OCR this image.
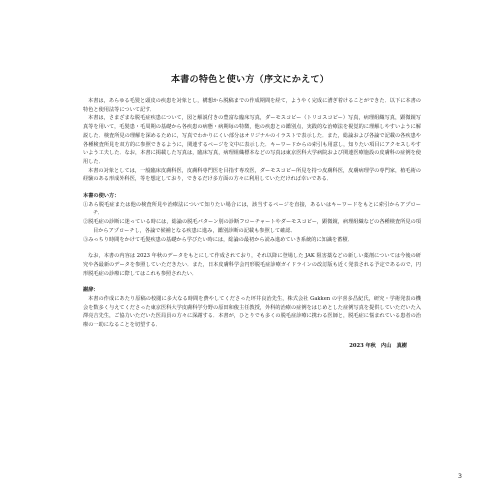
本書の特色と使い方（序文にかえて）

本書は，あらゆる毛髪と頭皮の疾患を対象とし，構想から脱稿までの作成期間を経て，ようやく完成に漕ぎ着けることができた．以下に本書の特色と使用法等について記す．

本書は，さまざまな脱毛症疾患について，図と解説付きの豊富な臨床写真，ダーモスコピー（トリコスコピー）写真，病理組織写真，顕微鏡写真等を用いて，毛髪患・毛周期の基礎から各疾患の病態・病期毎の特徴，他の疾患との鑑別点，実践的な治療法を視覚的に理解しやすいように解説した．検査所見の理解を深めるために，写真でわかりにくい部分はオリジナルのイラストで表示した．また，総論および各論で記載の各疾患や各種検査所見を双方的に参照できるように，関連するページを文中に表示した．キーワードからの索引も用意し，知りたい項目にアクセスしやすいよう工夫した．なお，本書に掲載した写真は，臨床写真，病理組織標本などの写真は東京医科大学病院および関連医療施設の皮膚科の症例を使用した．

本書の対象としては，一般臨床皮膚科医，皮膚科専門医を目指す専攻医，ダーモスコピー所見を持つ皮膚科医，皮膚病理学の専門家，植毛術の経験のある形成外科医，等を想定しており，できるだけ多方面の方々に利用していただければ幸いである．

本書の使い方：
①あら脱毛症または他の検査所見や治療法について知りたい場合には，該当するページを直接，あるいはキーワードをもとに索引からアプローチ．
②脱毛症の診断に迷っている時には，総論の脱毛パターン別の診断フローチャートやダーモスコピー，顕微鏡，病理組織などの各種検査所見の項目からアプローチし，各論で候補となる疾患に進み，鑑別診断の記載も参照して確認．
③みっちり時間をかけて毛髪疾患の基礎から学びたい時には，総論の最初から読み進めていき系統的に知識を蓄積．

なお，本書の内容は 2023 年秋のデータをもとにして作成されており，それ以降に登場した JAK 阻害薬などの新しい薬剤については今後の研究や各最新のデータを参照していただきたい．また，日本皮膚科学会円形脱毛症診療ガイドラインの改訂版も近く発表される予定であるので，円形脱毛症の診療に際してはこれも参照されたい．

謝辞：

本書の作成にあたり原稿の校閲に多大なる時間を費やしてくださった坪井良治先生，株式会社 Gakken の宇喜多昌紀氏，研究・学術発表の機会を数多く与えてくださった東京医科大学皮膚科学分野の原田和俊主任教授，外科的治療の症例をはじめとした症例写真を提供していただいた入澤亮吉先生，ご協力いただいた医局員の方々に深謝する．本書が，ひとりでも多くの脱毛症診療に携わる医師と，脱毛症に悩まれている患者の治療の一助になることを切望する．

2023 年秋　内山　真樹
3
